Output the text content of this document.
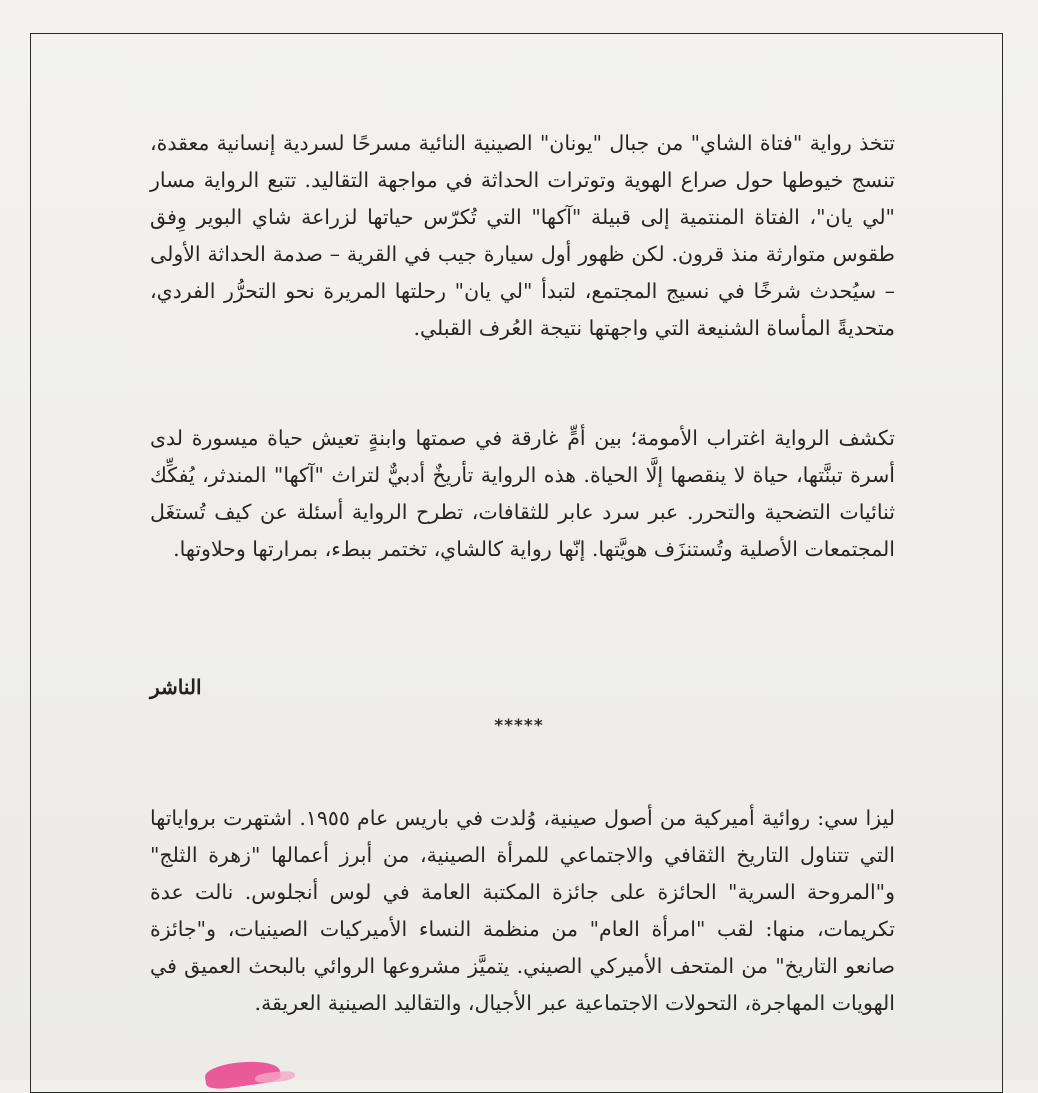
تتخذ رواية "فتاة الشاي" من جبال "يونان" الصينية النائية مسرحًا لسردية إنسانية معقدة، تنسج خيوطها حول صراع الهوية وتوترات الحداثة في مواجهة التقاليد. تتبع الرواية مسار "لي يان"، الفتاة المنتمية إلى قبيلة "آكها" التي تُكرّس حياتها لزراعة شاي البوير وِفق طقوس متوارثة منذ قرون. لكن ظهور أول سيارة جيب في القرية – صدمة الحداثة الأولى – سيُحدث شرخًا في نسيج المجتمع، لتبدأ "لي يان" رحلتها المريرة نحو التحرُّر الفردي، متحديةً المأساة الشنيعة التي واجهتها نتيجة العُرف القبلي.

تكشف الرواية اغتراب الأمومة؛ بين أمٍّ غارقة في صمتها وابنةٍ تعيش حياة ميسورة لدى أسرة تبنَّتها، حياة لا ينقصها إلَّا الحياة. هذه الرواية تأريخٌ أدبيٌّ لتراث "آكها" المندثر، يُفكِّك ثنائيات التضحية والتحرر. عبر سرد عابر للثقافات، تطرح الرواية أسئلة عن كيف تُستغَل المجتمعات الأصلية وتُستنزَف هويَّتها. إنّها رواية كالشاي، تختمر ببطء، بمرارتها وحلاوتها.

الناشر
*****

ليزا سي: روائية أميركية من أصول صينية، وُلدت في باريس عام ١٩٥٥. اشتهرت برواياتها التي تتناول التاريخ الثقافي والاجتماعي للمرأة الصينية، من أبرز أعمالها "زهرة الثلج" و"المروحة السرية" الحائزة على جائزة المكتبة العامة في لوس أنجلوس. نالت عدة تكريمات، منها: لقب "امرأة العام" من منظمة النساء الأميركيات الصينيات، و"جائزة صانعو التاريخ" من المتحف الأميركي الصيني. يتميَّز مشروعها الروائي بالبحث العميق في الهويات المهاجرة، التحولات الاجتماعية عبر الأجيال، والتقاليد الصينية العريقة.
